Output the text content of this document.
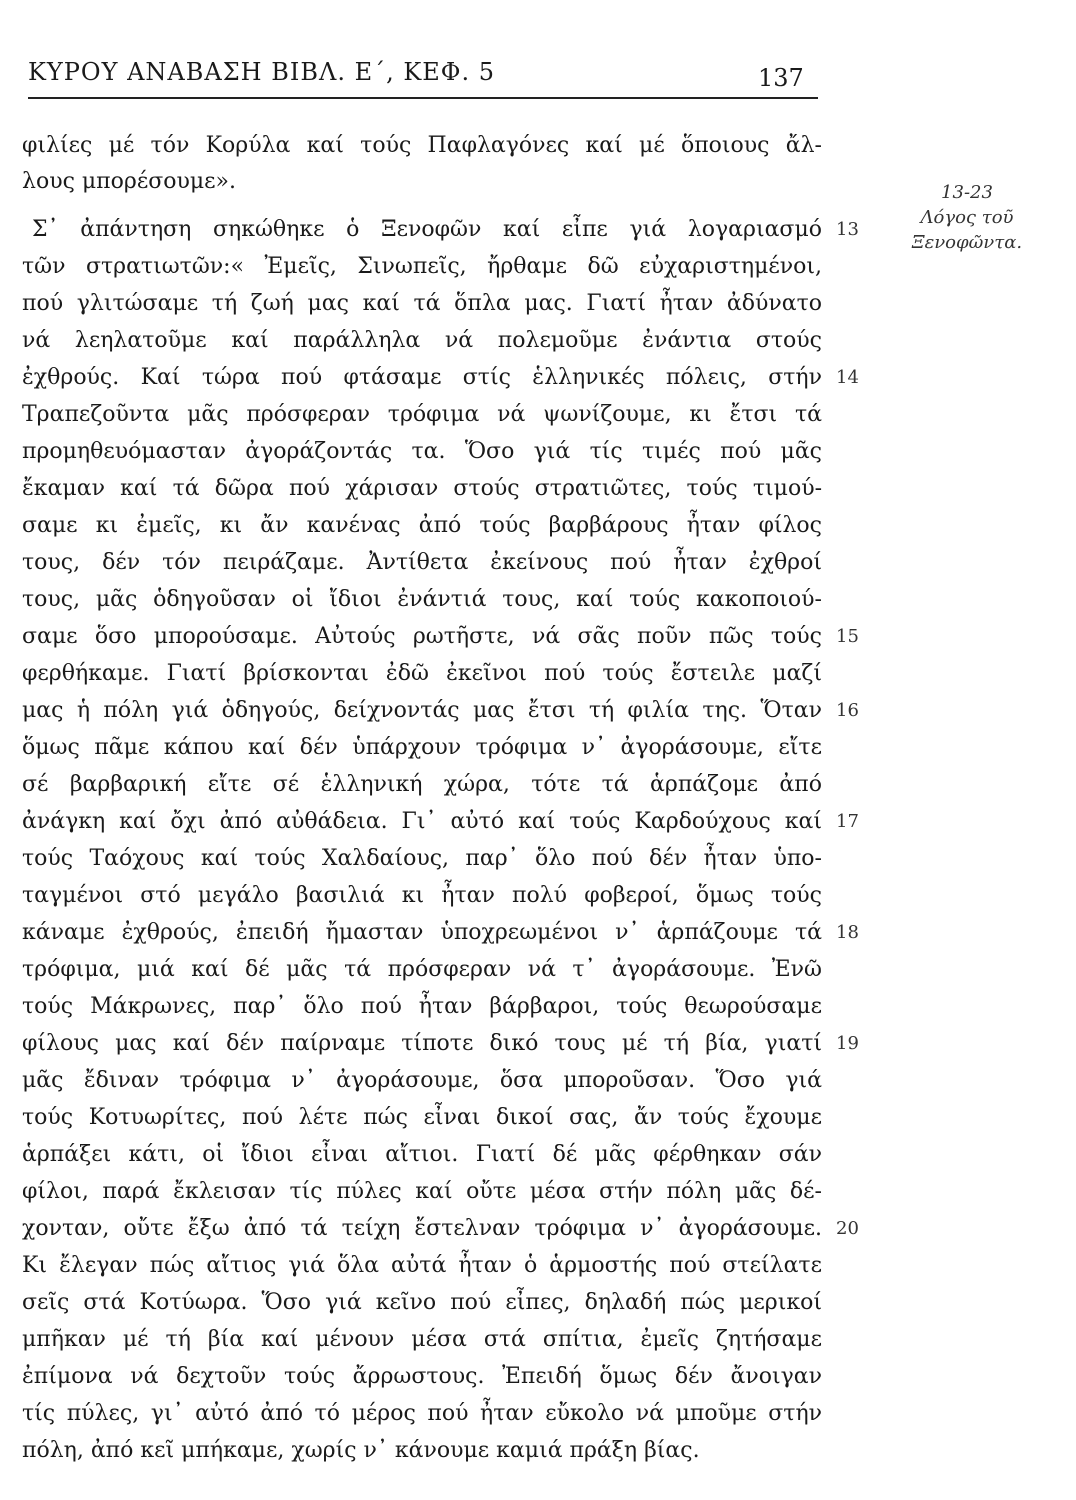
ΚΥΡΟΥ ΑΝΑΒΑΣΗ ΒΙΒΛ. Ε΄, ΚΕΦ. 5	137
13-23
Λόγος τοῦ
Ξενοφῶντα.
φιλίες μέ τόν Κορύλα καί τούς Παφλαγόνες καί μέ ὅποιους ἄλ-
λους μπορέσουμε».
Σ᾽ ἀπάντηση σηκώθηκε ὁ Ξενοφῶν καί εἶπε γιά λογαριασμό
τῶν στρατιωτῶν:« Ἐμεῖς, Σινωπεῖς, ἤρθαμε δῶ εὐχαριστημένοι,
πού γλιτώσαμε τή ζωή μας καί τά ὅπλα μας. Γιατί ἦταν ἀδύνατο
νά λεηλατοῦμε καί παράλληλα νά πολεμοῦμε ἐνάντια στούς
ἐχθρούς. Καί τώρα πού φτάσαμε στίς ἑλληνικές πόλεις, στήν
Τραπεζοῦντα μᾶς πρόσφεραν τρόφιμα νά ψωνίζουμε, κι ἔτσι τά
προμηθευόμασταν ἀγοράζοντάς τα. Ὅσο γιά τίς τιμές πού μᾶς
ἔκαμαν καί τά δῶρα πού χάρισαν στούς στρατιῶτες, τούς τιμού-
σαμε κι ἐμεῖς, κι ἄν κανένας ἀπό τούς βαρβάρους ἦταν φίλος
τους, δέν τόν πειράζαμε. Ἀντίθετα ἐκείνους πού ἦταν ἐχθροί
τους, μᾶς ὁδηγοῦσαν οἱ ἴδιοι ἐνάντιά τους, καί τούς κακοποιού-
σαμε ὅσο μπορούσαμε. Αὐτούς ρωτῆστε, νά σᾶς ποῦν πῶς τούς
φερθήκαμε. Γιατί βρίσκονται ἐδῶ ἐκεῖνοι πού τούς ἔστειλε μαζί
μας ἡ πόλη γιά ὁδηγούς, δείχνοντάς μας ἔτσι τή φιλία της. Ὅταν
ὅμως πᾶμε κάπου καί δέν ὑπάρχουν τρόφιμα ν᾽ ἀγοράσουμε, εἴτε
σέ βαρβαρική εἴτε σέ ἑλληνική χώρα, τότε τά ἁρπάζομε ἀπό
ἀνάγκη καί ὄχι ἀπό αὐθάδεια. Γι᾽ αὐτό καί τούς Καρδούχους καί
τούς Ταόχους καί τούς Χαλδαίους, παρ᾽ ὅλο πού δέν ἦταν ὑπο-
ταγμένοι στό μεγάλο βασιλιά κι ἦταν πολύ φοβεροί, ὅμως τούς
κάναμε ἐχθρούς, ἐπειδή ἤμασταν ὑποχρεωμένοι ν᾽ ἁρπάζουμε τά
τρόφιμα, μιά καί δέ μᾶς τά πρόσφεραν νά τ᾽ ἀγοράσουμε. Ἐνῶ
τούς Μάκρωνες, παρ᾽ ὅλο πού ἦταν βάρβαροι, τούς θεωρούσαμε
φίλους μας καί δέν παίρναμε τίποτε δικό τους μέ τή βία, γιατί
μᾶς ἔδιναν τρόφιμα ν᾽ ἀγοράσουμε, ὅσα μποροῦσαν. Ὅσο γιά
τούς Κοτυωρίτες, πού λέτε πώς εἶναι δικοί σας, ἄν τούς ἔχουμε
ἁρπάξει κάτι, οἱ ἴδιοι εἶναι αἴτιοι. Γιατί δέ μᾶς φέρθηκαν σάν
φίλοι, παρά ἔκλεισαν τίς πύλες καί οὔτε μέσα στήν πόλη μᾶς δέ-
χονταν, οὔτε ἔξω ἀπό τά τείχη ἔστελναν τρόφιμα ν᾽ ἀγοράσουμε.
Κι ἔλεγαν πώς αἴτιος γιά ὅλα αὐτά ἦταν ὁ ἁρμοστής πού στείλατε
σεῖς στά Κοτύωρα. Ὅσο γιά κεῖνο πού εἶπες, δηλαδή πώς μερικοί
μπῆκαν μέ τή βία καί μένουν μέσα στά σπίτια, ἐμεῖς ζητήσαμε
ἐπίμονα νά δεχτοῦν τούς ἄρρωστους. Ἐπειδή ὅμως δέν ἄνοιγαν
τίς πύλες, γι᾽ αὐτό ἀπό τό μέρος πού ἦταν εὔκολο νά μποῦμε στήν
πόλη, ἀπό κεῖ μπήκαμε, χωρίς ν᾽ κάνουμε καμιά πράξη βίας.
13
14
15
16
17
18
19
20
